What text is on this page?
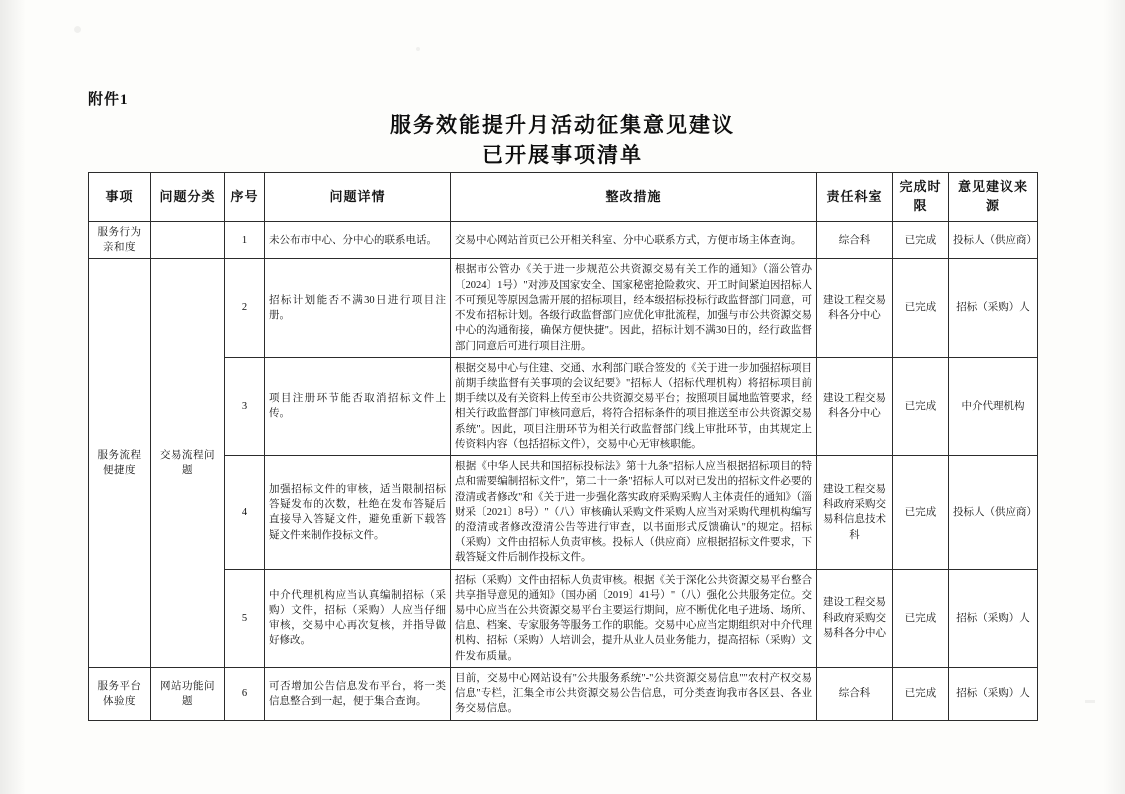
附件1
服务效能提升月活动征集意见建议
已开展事项清单
事项	问题分类	序号	问题详情	整改措施	责任科室	完成时限	意见建议来源
服务行为亲和度		1	未公布市中心、分中心的联系电话。	交易中心网站首页已公开相关科室、分中心联系方式，方便市场主体查询。	综合科	已完成	投标人（供应商）
服务流程便捷度	交易流程问题	2	招标计划能否不满30日进行项目注册。	根据市公管办《关于进一步规范公共资源交易有关工作的通知》（淄公管办〔2024〕1号）"对涉及国家安全、国家秘密抢险救灾、开工时间紧迫因招标人不可预见等原因急需开展的招标项目，经本级招标投标行政监督部门同意，可不发布招标计划。各级行政监督部门应优化审批流程，加强与市公共资源交易中心的沟通衔接，确保方便快捷"。因此，招标计划不满30日的，经行政监督部门同意后可进行项目注册。	建设工程交易科各分中心	已完成	招标（采购）人
		3	项目注册环节能否取消招标文件上传。	根据交易中心与住建、交通、水利部门联合签发的《关于进一步加强招标项目前期手续监督有关事项的会议纪要》"招标人（招标代理机构）将招标项目前期手续以及有关资料上传至市公共资源交易平台；按照项目属地监管要求，经相关行政监督部门审核同意后，将符合招标条件的项目推送至市公共资源交易系统"。因此，项目注册环节为相关行政监督部门线上审批环节，由其规定上传资料内容（包括招标文件），交易中心无审核职能。	建设工程交易科各分中心	已完成	中介代理机构
		4	加强招标文件的审核，适当限制招标答疑发布的次数，杜绝在发布答疑后直接导入答疑文件，避免重新下载答疑文件来制作投标文件。	根据《中华人民共和国招标投标法》第十九条"招标人应当根据招标项目的特点和需要编制招标文件"，第二十一条"招标人可以对已发出的招标文件必要的澄清或者修改"和《关于进一步强化落实政府采购采购人主体责任的通知》（淄财采〔2021〕8号）"（八）审核确认采购文件采购人应当对采购代理机构编写的澄清或者修改澄清公告等进行审查，以书面形式反馈确认"的规定。招标（采购）文件由招标人负责审核。投标人（供应商）应根据招标文件要求，下载答疑文件后制作投标文件。	建设工程交易科政府采购交易科信息技术科	已完成	投标人（供应商）
		5	中介代理机构应当认真编制招标（采购）文件，招标（采购）人应当仔细审核，交易中心再次复核，并指导做好修改。	招标（采购）文件由招标人负责审核。根据《关于深化公共资源交易平台整合共享指导意见的通知》（国办函〔2019〕41号）"（八）强化公共服务定位。交易中心应当在公共资源交易平台主要运行期间，应不断优化电子进场、场所、信息、档案、专家服务等服务工作的职能。交易中心应当定期组织对中介代理机构、招标（采购）人培训会，提升从业人员业务能力，提高招标（采购）文件发布质量。	建设工程交易科政府采购交易科各分中心	已完成	招标（采购）人
服务平台体验度	网站功能问题	6	可否增加公告信息发布平台，将一类信息整合到一起，便于集合查询。	目前，交易中心网站设有"公共服务系统"-"公共资源交易信息""农村产权交易信息"专栏，汇集全市公共资源交易公告信息，可分类查询我市各区县、各业务交易信息。	综合科	已完成	招标（采购）人
